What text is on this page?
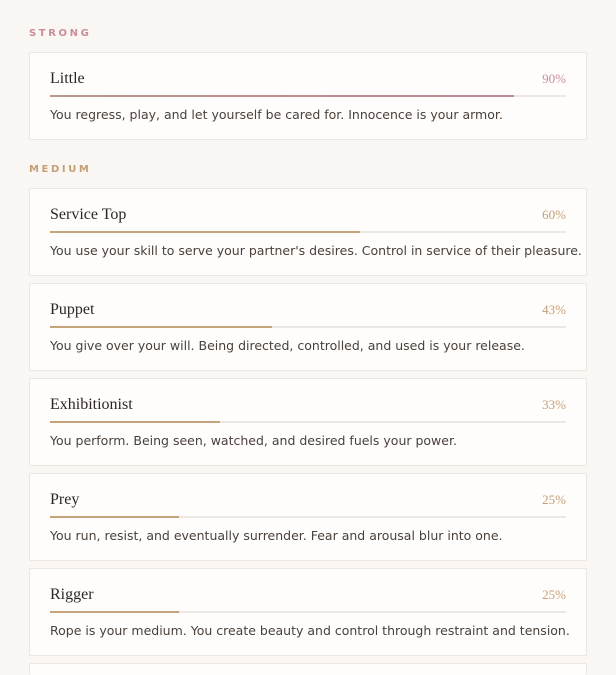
STRONG
Little	90%
You regress, play, and let yourself be cared for. Innocence is your armor.
MEDIUM
Service Top	60%
You use your skill to serve your partner's desires. Control in service of their pleasure.
Puppet	43%
You give over your will. Being directed, controlled, and used is your release.
Exhibitionist	33%
You perform. Being seen, watched, and desired fuels your power.
Prey	25%
You run, resist, and eventually surrender. Fear and arousal blur into one.
Rigger	25%
Rope is your medium. You create beauty and control through restraint and tension.
